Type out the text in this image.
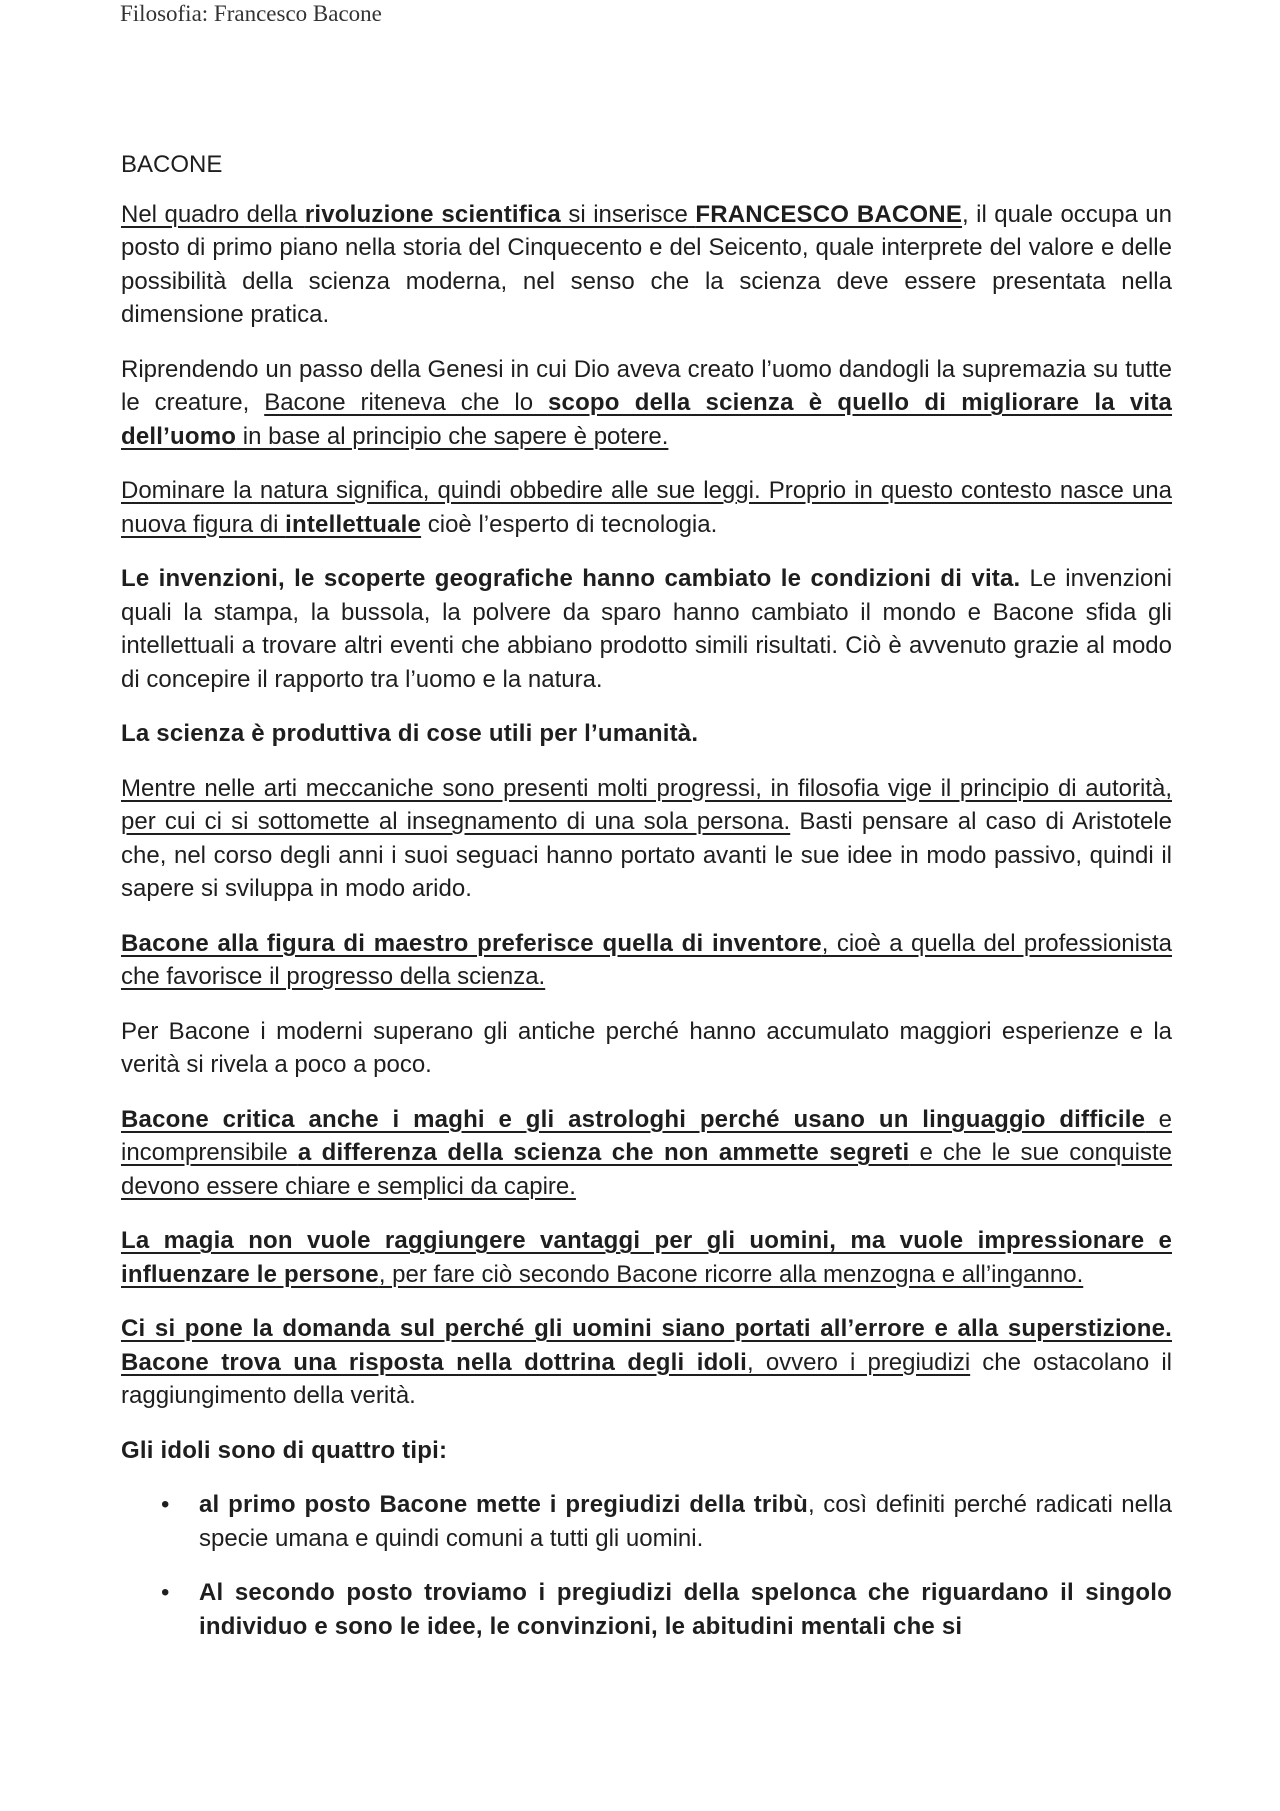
Filosofia: Francesco Bacone
BACONE

Nel quadro della rivoluzione scientifica si inserisce FRANCESCO BACONE, il quale occupa un posto di primo piano nella storia del Cinquecento e del Seicento, quale interprete del valore e delle possibilità della scienza moderna, nel senso che la scienza deve essere presentata nella dimensione pratica.

Riprendendo un passo della Genesi in cui Dio aveva creato l’uomo dandogli la supremazia su tutte le creature, Bacone riteneva che lo scopo della scienza è quello di migliorare la vita dell’uomo in base al principio che sapere è potere.

Dominare la natura significa, quindi obbedire alle sue leggi. Proprio in questo contesto nasce una nuova figura di intellettuale cioè l’esperto di tecnologia.

Le invenzioni, le scoperte geografiche hanno cambiato le condizioni di vita. Le invenzioni quali la stampa, la bussola, la polvere da sparo hanno cambiato il mondo e Bacone sfida gli intellettuali a trovare altri eventi che abbiano prodotto simili risultati. Ciò è avvenuto grazie al modo di concepire il rapporto tra l’uomo e la natura.

La scienza è produttiva di cose utili per l’umanità.

Mentre nelle arti meccaniche sono presenti molti progressi, in filosofia vige il principio di autorità, per cui ci si sottomette al insegnamento di una sola persona. Basti pensare al caso di Aristotele che, nel corso degli anni i suoi seguaci hanno portato avanti le sue idee in modo passivo, quindi il sapere si sviluppa in modo arido.

Bacone alla figura di maestro preferisce quella di inventore, cioè a quella del professionista che favorisce il progresso della scienza.

Per Bacone i moderni superano gli antiche perché hanno accumulato maggiori esperienze e la verità si rivela a poco a poco.

Bacone critica anche i maghi e gli astrologhi perché usano un linguaggio difficile e incomprensibile a differenza della scienza che non ammette segreti e che le sue conquiste devono essere chiare e semplici da capire.

La magia non vuole raggiungere vantaggi per gli uomini, ma vuole impressionare e influenzare le persone, per fare ciò secondo Bacone ricorre alla menzogna e all’inganno.

Ci si pone la domanda sul perché gli uomini siano portati all’errore e alla superstizione. Bacone trova una risposta nella dottrina degli idoli, ovvero i pregiudizi che ostacolano il raggiungimento della verità.

Gli idoli sono di quattro tipi:

• al primo posto Bacone mette i pregiudizi della tribù, così definiti perché radicati nella specie umana e quindi comuni a tutti gli uomini.
• Al secondo posto troviamo i pregiudizi della spelonca che riguardano il singolo individuo e sono le idee, le convinzioni, le abitudini mentali che si
